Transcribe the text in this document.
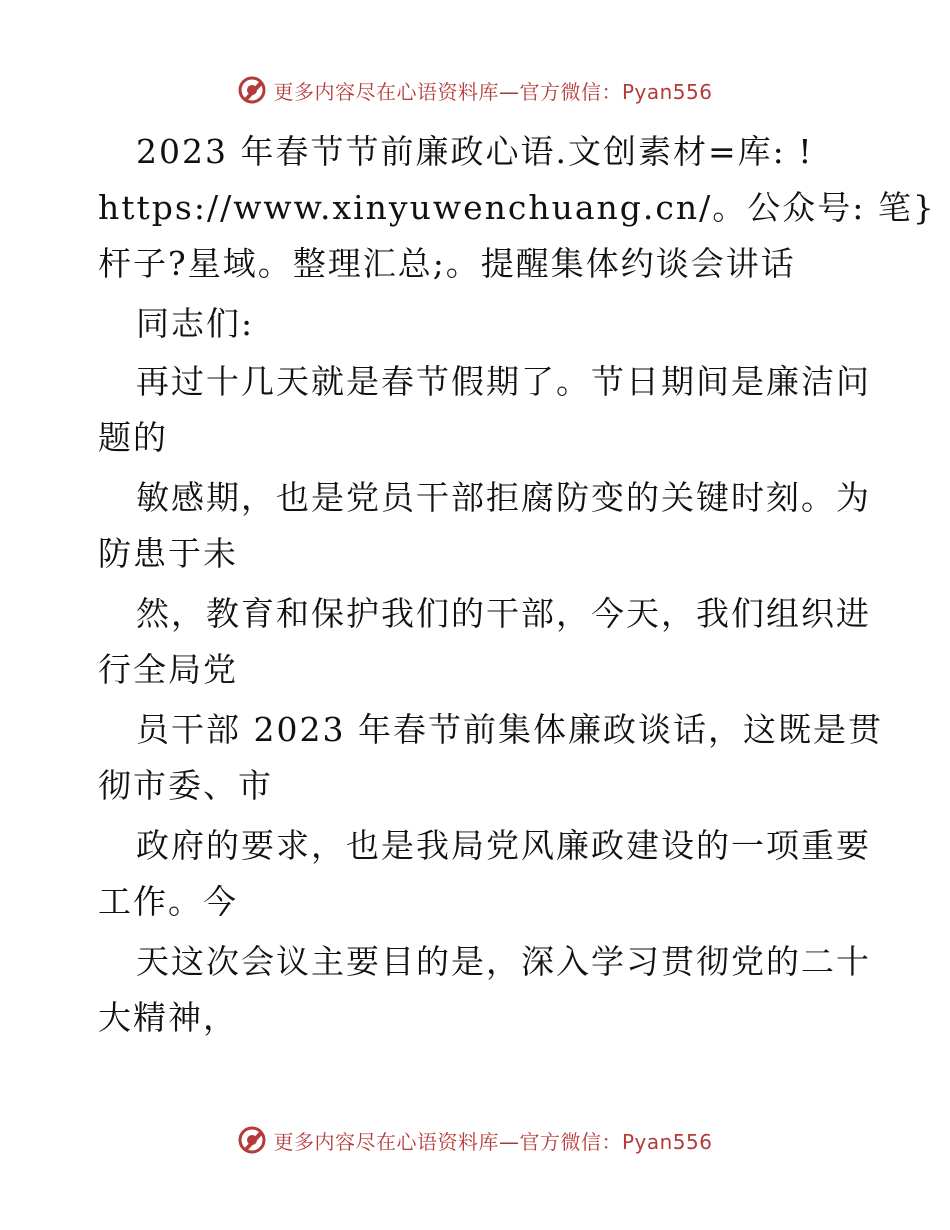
更多内容尽在心语资料库—官方微信：Pyan556
2023 年春节节前廉政心语.文创素材=库: !
https://www.xinyuwenchuang.cn/。公众号: 笔}
杆子?星域。整理汇总;。提醒集体约谈会讲话
同志们:
再过十几天就是春节假期了。节日期间是廉洁问
题的
敏感期，也是党员干部拒腐防变的关键时刻。为
防患于未
然，教育和保护我们的干部，今天，我们组织进
行全局党
员干部 2023 年春节前集体廉政谈话，这既是贯
彻市委、市
政府的要求，也是我局党风廉政建设的一项重要
工作。今
天这次会议主要目的是，深入学习贯彻党的二十
大精神，
更多内容尽在心语资料库—官方微信：Pyan556
